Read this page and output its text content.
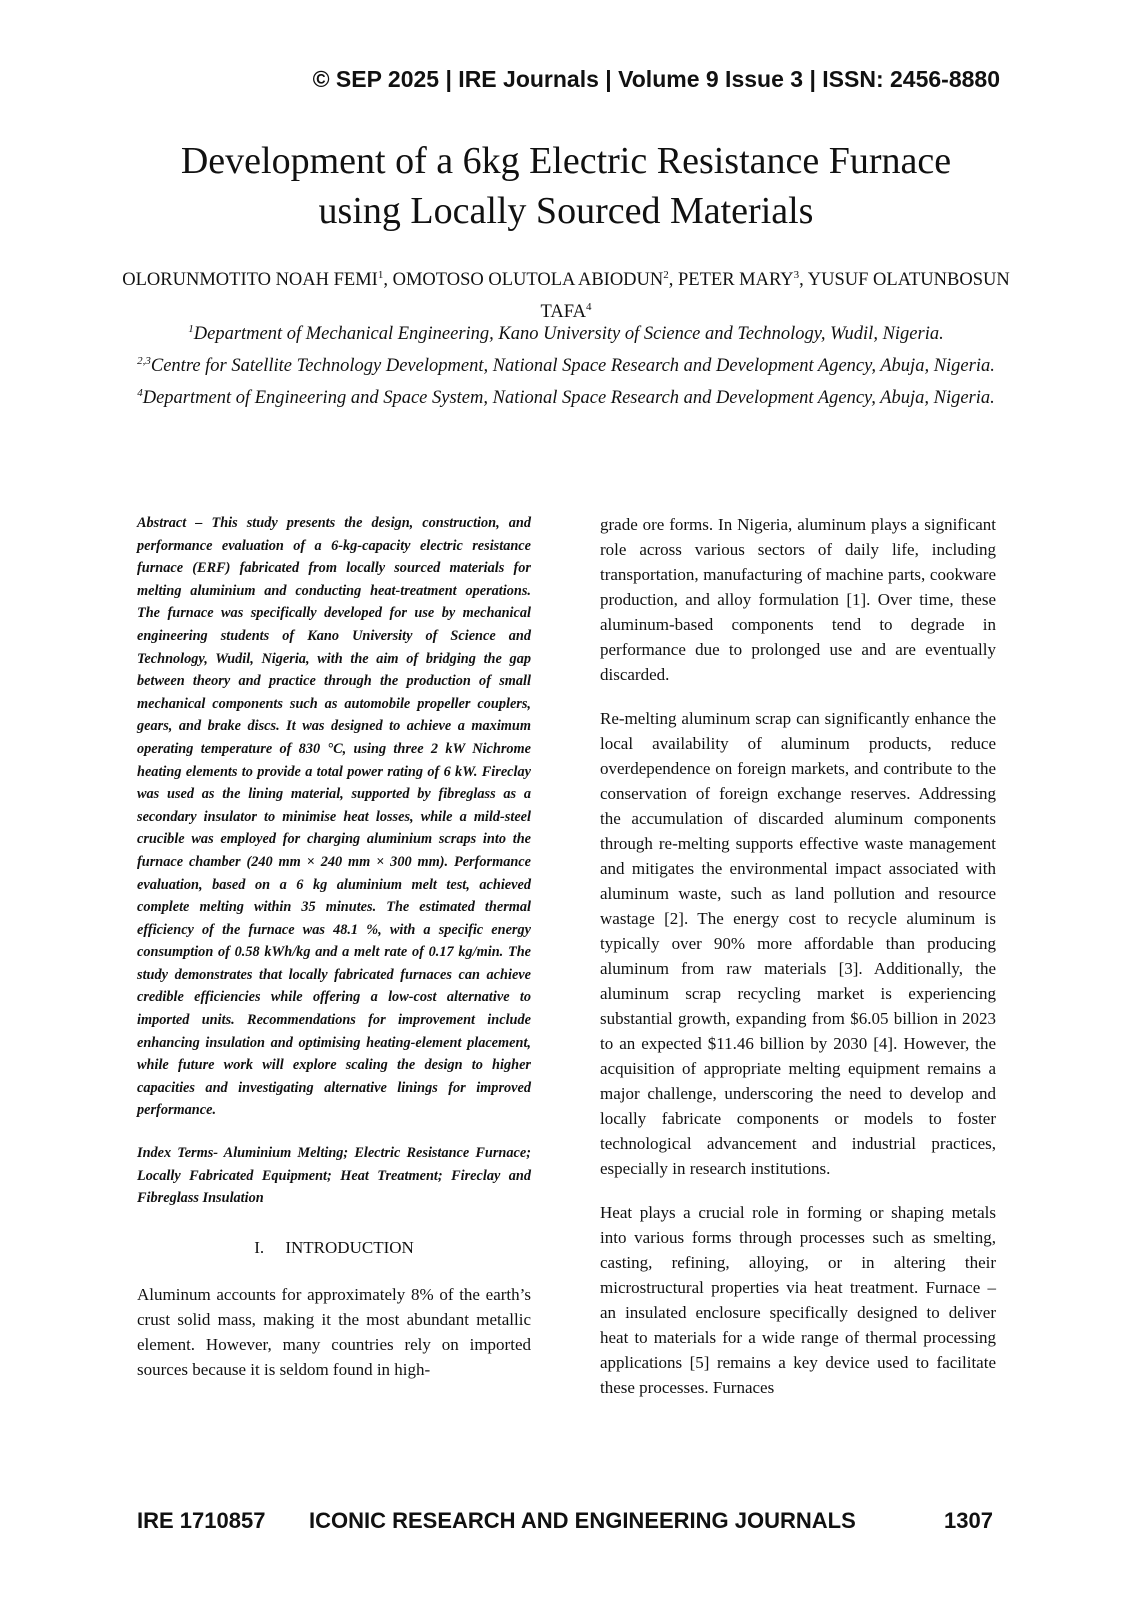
© SEP 2025 | IRE Journals | Volume 9 Issue 3 | ISSN: 2456-8880
Development of a 6kg Electric Resistance Furnace
using Locally Sourced Materials
OLORUNMOTITO NOAH FEMI$^1$, OMOTOSO OLUTOLA ABIODUN$^2$, PETER MARY$^3$, YUSUF OLATUNBOSUN TAFA$^4$
$^1$Department of Mechanical Engineering, Kano University of Science and Technology, Wudil, Nigeria.
$^{2,3}$Centre for Satellite Technology Development, National Space Research and Development Agency, Abuja, Nigeria.
$^4$Department of Engineering and Space System, National Space Research and Development Agency, Abuja, Nigeria.

Abstract – This study presents the design, construction, and performance evaluation of a 6-kg-capacity electric resistance furnace (ERF) fabricated from locally sourced materials for melting aluminium and conducting heat-treatment operations. The furnace was specifically developed for use by mechanical engineering students of Kano University of Science and Technology, Wudil, Nigeria, with the aim of bridging the gap between theory and practice through the production of small mechanical components such as automobile propeller couplers, gears, and brake discs. It was designed to achieve a maximum operating temperature of 830 °C, using three 2 kW Nichrome heating elements to provide a total power rating of 6 kW. Fireclay was used as the lining material, supported by fibreglass as a secondary insulator to minimise heat losses, while a mild-steel crucible was employed for charging aluminium scraps into the furnace chamber (240 mm × 240 mm × 300 mm). Performance evaluation, based on a 6 kg aluminium melt test, achieved complete melting within 35 minutes. The estimated thermal efficiency of the furnace was 48.1 %, with a specific energy consumption of 0.58 kWh/kg and a melt rate of 0.17 kg/min. The study demonstrates that locally fabricated furnaces can achieve credible efficiencies while offering a low-cost alternative to imported units. Recommendations for improvement include enhancing insulation and optimising heating-element placement, while future work will explore scaling the design to higher capacities and investigating alternative linings for improved performance.

Index Terms- Aluminium Melting; Electric Resistance Furnace; Locally Fabricated Equipment; Heat Treatment; Fireclay and Fibreglass Insulation

I.     INTRODUCTION

Aluminum accounts for approximately 8% of the earth’s crust solid mass, making it the most abundant metallic element. However, many countries rely on imported sources because it is seldom found in high-

grade ore forms. In Nigeria, aluminum plays a significant role across various sectors of daily life, including transportation, manufacturing of machine parts, cookware production, and alloy formulation [1]. Over time, these aluminum-based components tend to degrade in performance due to prolonged use and are eventually discarded.

Re-melting aluminum scrap can significantly enhance the local availability of aluminum products, reduce overdependence on foreign markets, and contribute to the conservation of foreign exchange reserves. Addressing the accumulation of discarded aluminum components through re-melting supports effective waste management and mitigates the environmental impact associated with aluminum waste, such as land pollution and resource wastage [2]. The energy cost to recycle aluminum is typically over 90% more affordable than producing aluminum from raw materials [3]. Additionally, the aluminum scrap recycling market is experiencing substantial growth, expanding from $6.05 billion in 2023 to an expected $11.46 billion by 2030 [4]. However, the acquisition of appropriate melting equipment remains a major challenge, underscoring the need to develop and locally fabricate components or models to foster technological advancement and industrial practices, especially in research institutions.

Heat plays a crucial role in forming or shaping metals into various forms through processes such as smelting, casting, refining, alloying, or in altering their microstructural properties via heat treatment. Furnace – an insulated enclosure specifically designed to deliver heat to materials for a wide range of thermal processing applications [5] remains a key device used to facilitate these processes. Furnaces

IRE 1710857 ICONIC RESEARCH AND ENGINEERING JOURNALS	1307
